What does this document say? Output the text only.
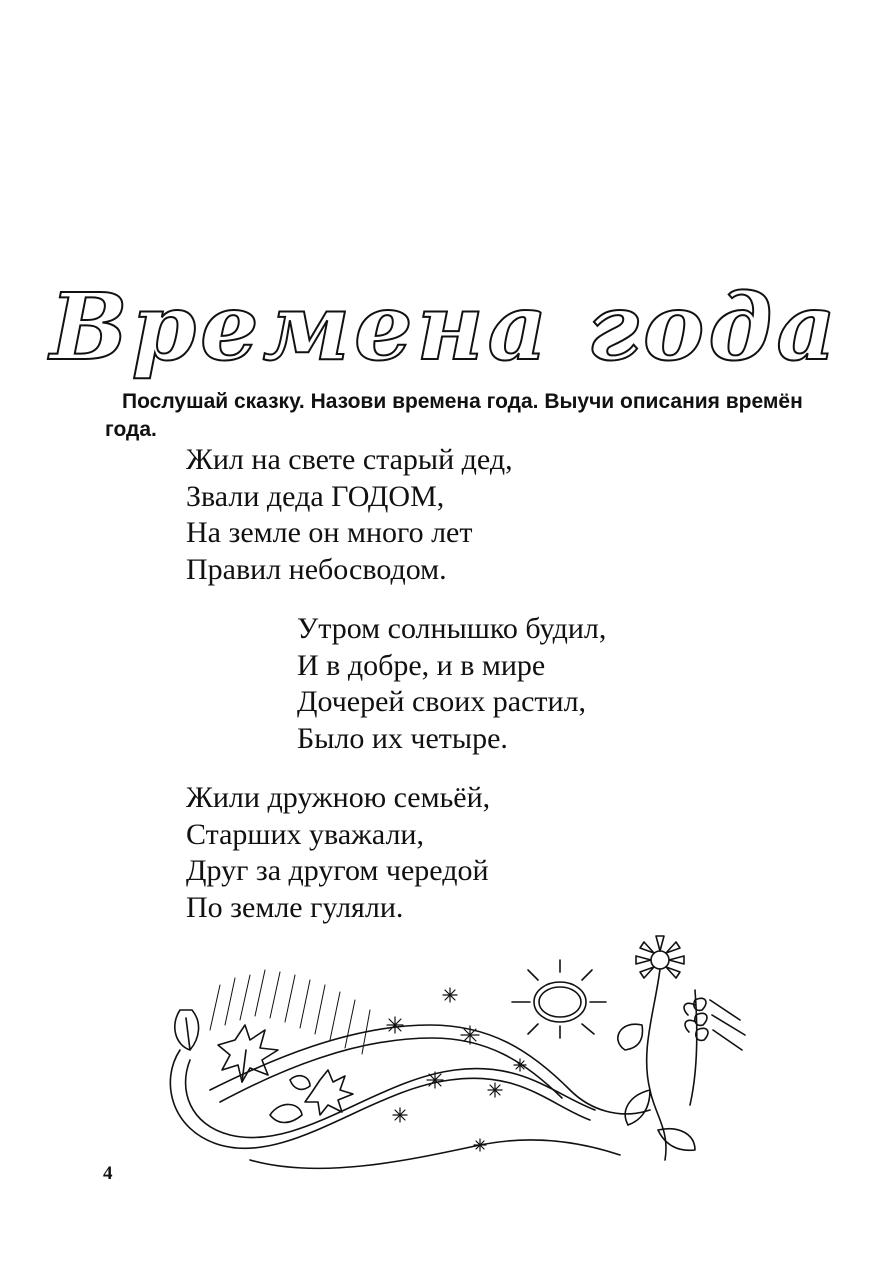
Времена года

Послушай сказку. Назови времена года. Выучи описания времён года.

Жил на свете старый дед,
Звали деда ГОДОМ,
На земле он много лет
Правил небосводом.
Утром солнышко будил,
И в добре, и в мире
Дочерей своих растил,
Было их четыре.
Жили дружною семьёй,
Старших уважали,
Друг за другом чередой
По земле гуляли.
4
